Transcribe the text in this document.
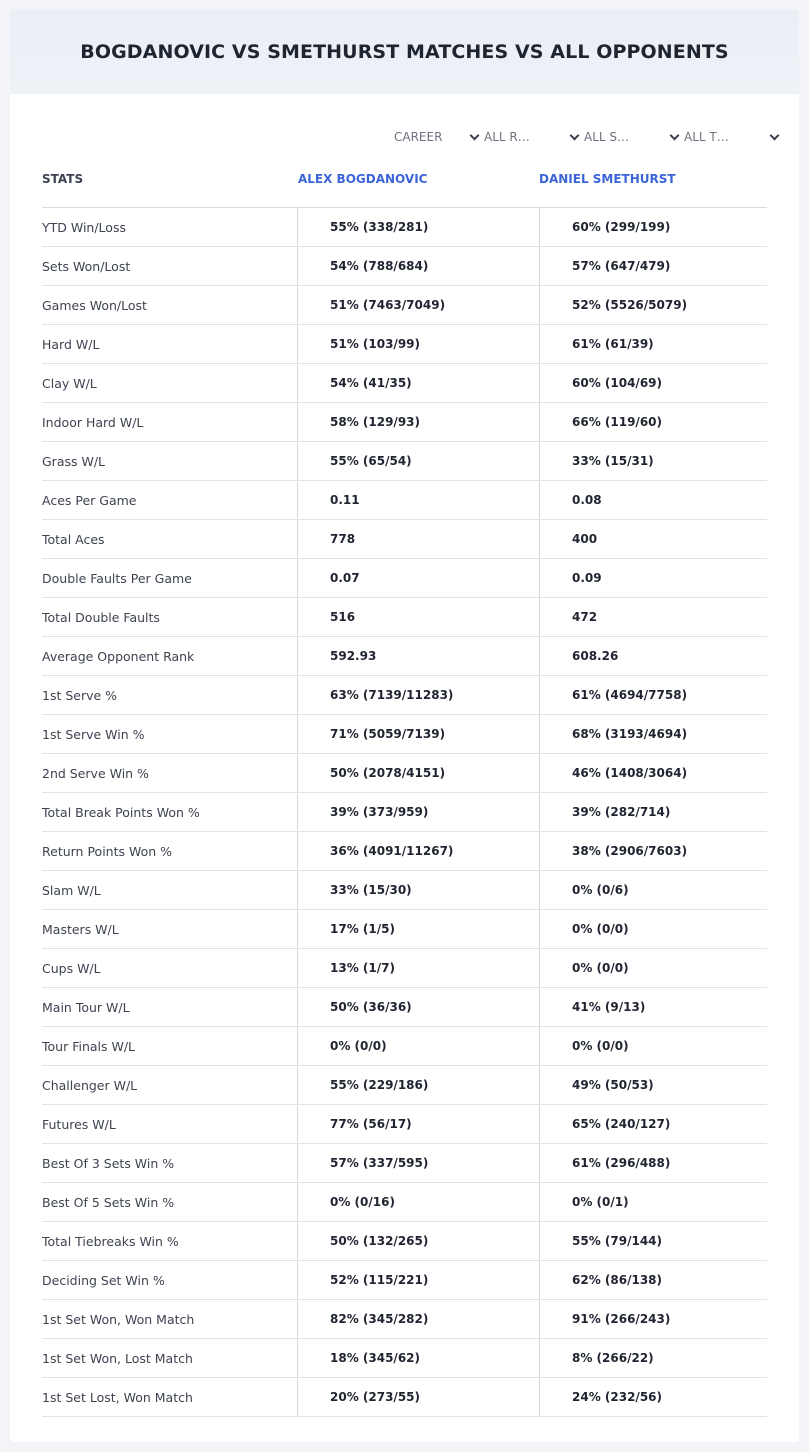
BOGDANOVIC VS SMETHURST MATCHES VS ALL OPPONENTS
CAREER	ALL R…	ALL S…	ALL T…
STATS	ALEX BOGDANOVIC	DANIEL SMETHURST
YTD Win/Loss	55% (338/281)	60% (299/199)
Sets Won/Lost	54% (788/684)	57% (647/479)
Games Won/Lost	51% (7463/7049)	52% (5526/5079)
Hard W/L	51% (103/99)	61% (61/39)
Clay W/L	54% (41/35)	60% (104/69)
Indoor Hard W/L	58% (129/93)	66% (119/60)
Grass W/L	55% (65/54)	33% (15/31)
Aces Per Game	0.11	0.08
Total Aces	778	400
Double Faults Per Game	0.07	0.09
Total Double Faults	516	472
Average Opponent Rank	592.93	608.26
1st Serve %	63% (7139/11283)	61% (4694/7758)
1st Serve Win %	71% (5059/7139)	68% (3193/4694)
2nd Serve Win %	50% (2078/4151)	46% (1408/3064)
Total Break Points Won %	39% (373/959)	39% (282/714)
Return Points Won %	36% (4091/11267)	38% (2906/7603)
Slam W/L	33% (15/30)	0% (0/6)
Masters W/L	17% (1/5)	0% (0/0)
Cups W/L	13% (1/7)	0% (0/0)
Main Tour W/L	50% (36/36)	41% (9/13)
Tour Finals W/L	0% (0/0)	0% (0/0)
Challenger W/L	55% (229/186)	49% (50/53)
Futures W/L	77% (56/17)	65% (240/127)
Best Of 3 Sets Win %	57% (337/595)	61% (296/488)
Best Of 5 Sets Win %	0% (0/16)	0% (0/1)
Total Tiebreaks Win %	50% (132/265)	55% (79/144)
Deciding Set Win %	52% (115/221)	62% (86/138)
1st Set Won, Won Match	82% (345/282)	91% (266/243)
1st Set Won, Lost Match	18% (345/62)	8% (266/22)
1st Set Lost, Won Match	20% (273/55)	24% (232/56)
